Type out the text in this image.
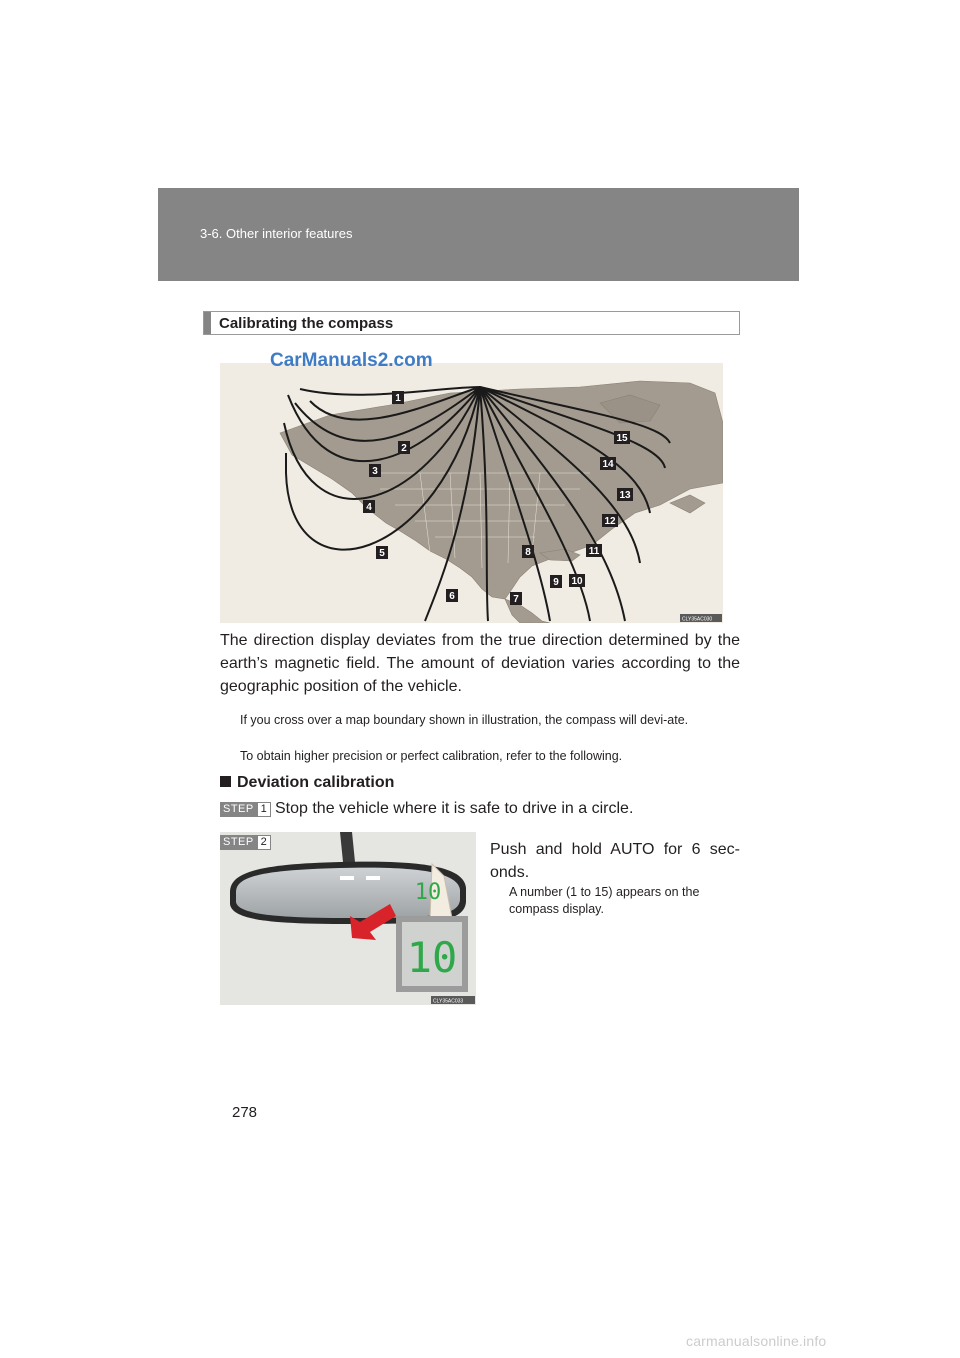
3-6. Other interior features
Calibrating the compass
1
2
3
4
5
6	7
8
9 10
11
12
13
14
15
CLY35AC030
CarManuals2.com
The direction display deviates from the true direction determined by the earth’s magnetic field. The amount of deviation varies according to the geographic position of the vehicle.
If you cross over a map boundary shown in illustration, the compass will devi-ate.
To obtain higher precision or perfect calibration, refer to the following.
Deviation calibration
STEP 1 Stop the vehicle where it is safe to drive in a circle.
10
10
CLY35AC033
STEP 2	Push and hold AUTO for 6 sec-onds.
A number (1 to 15) appears on the compass display.
278
carmanualsonline.info
